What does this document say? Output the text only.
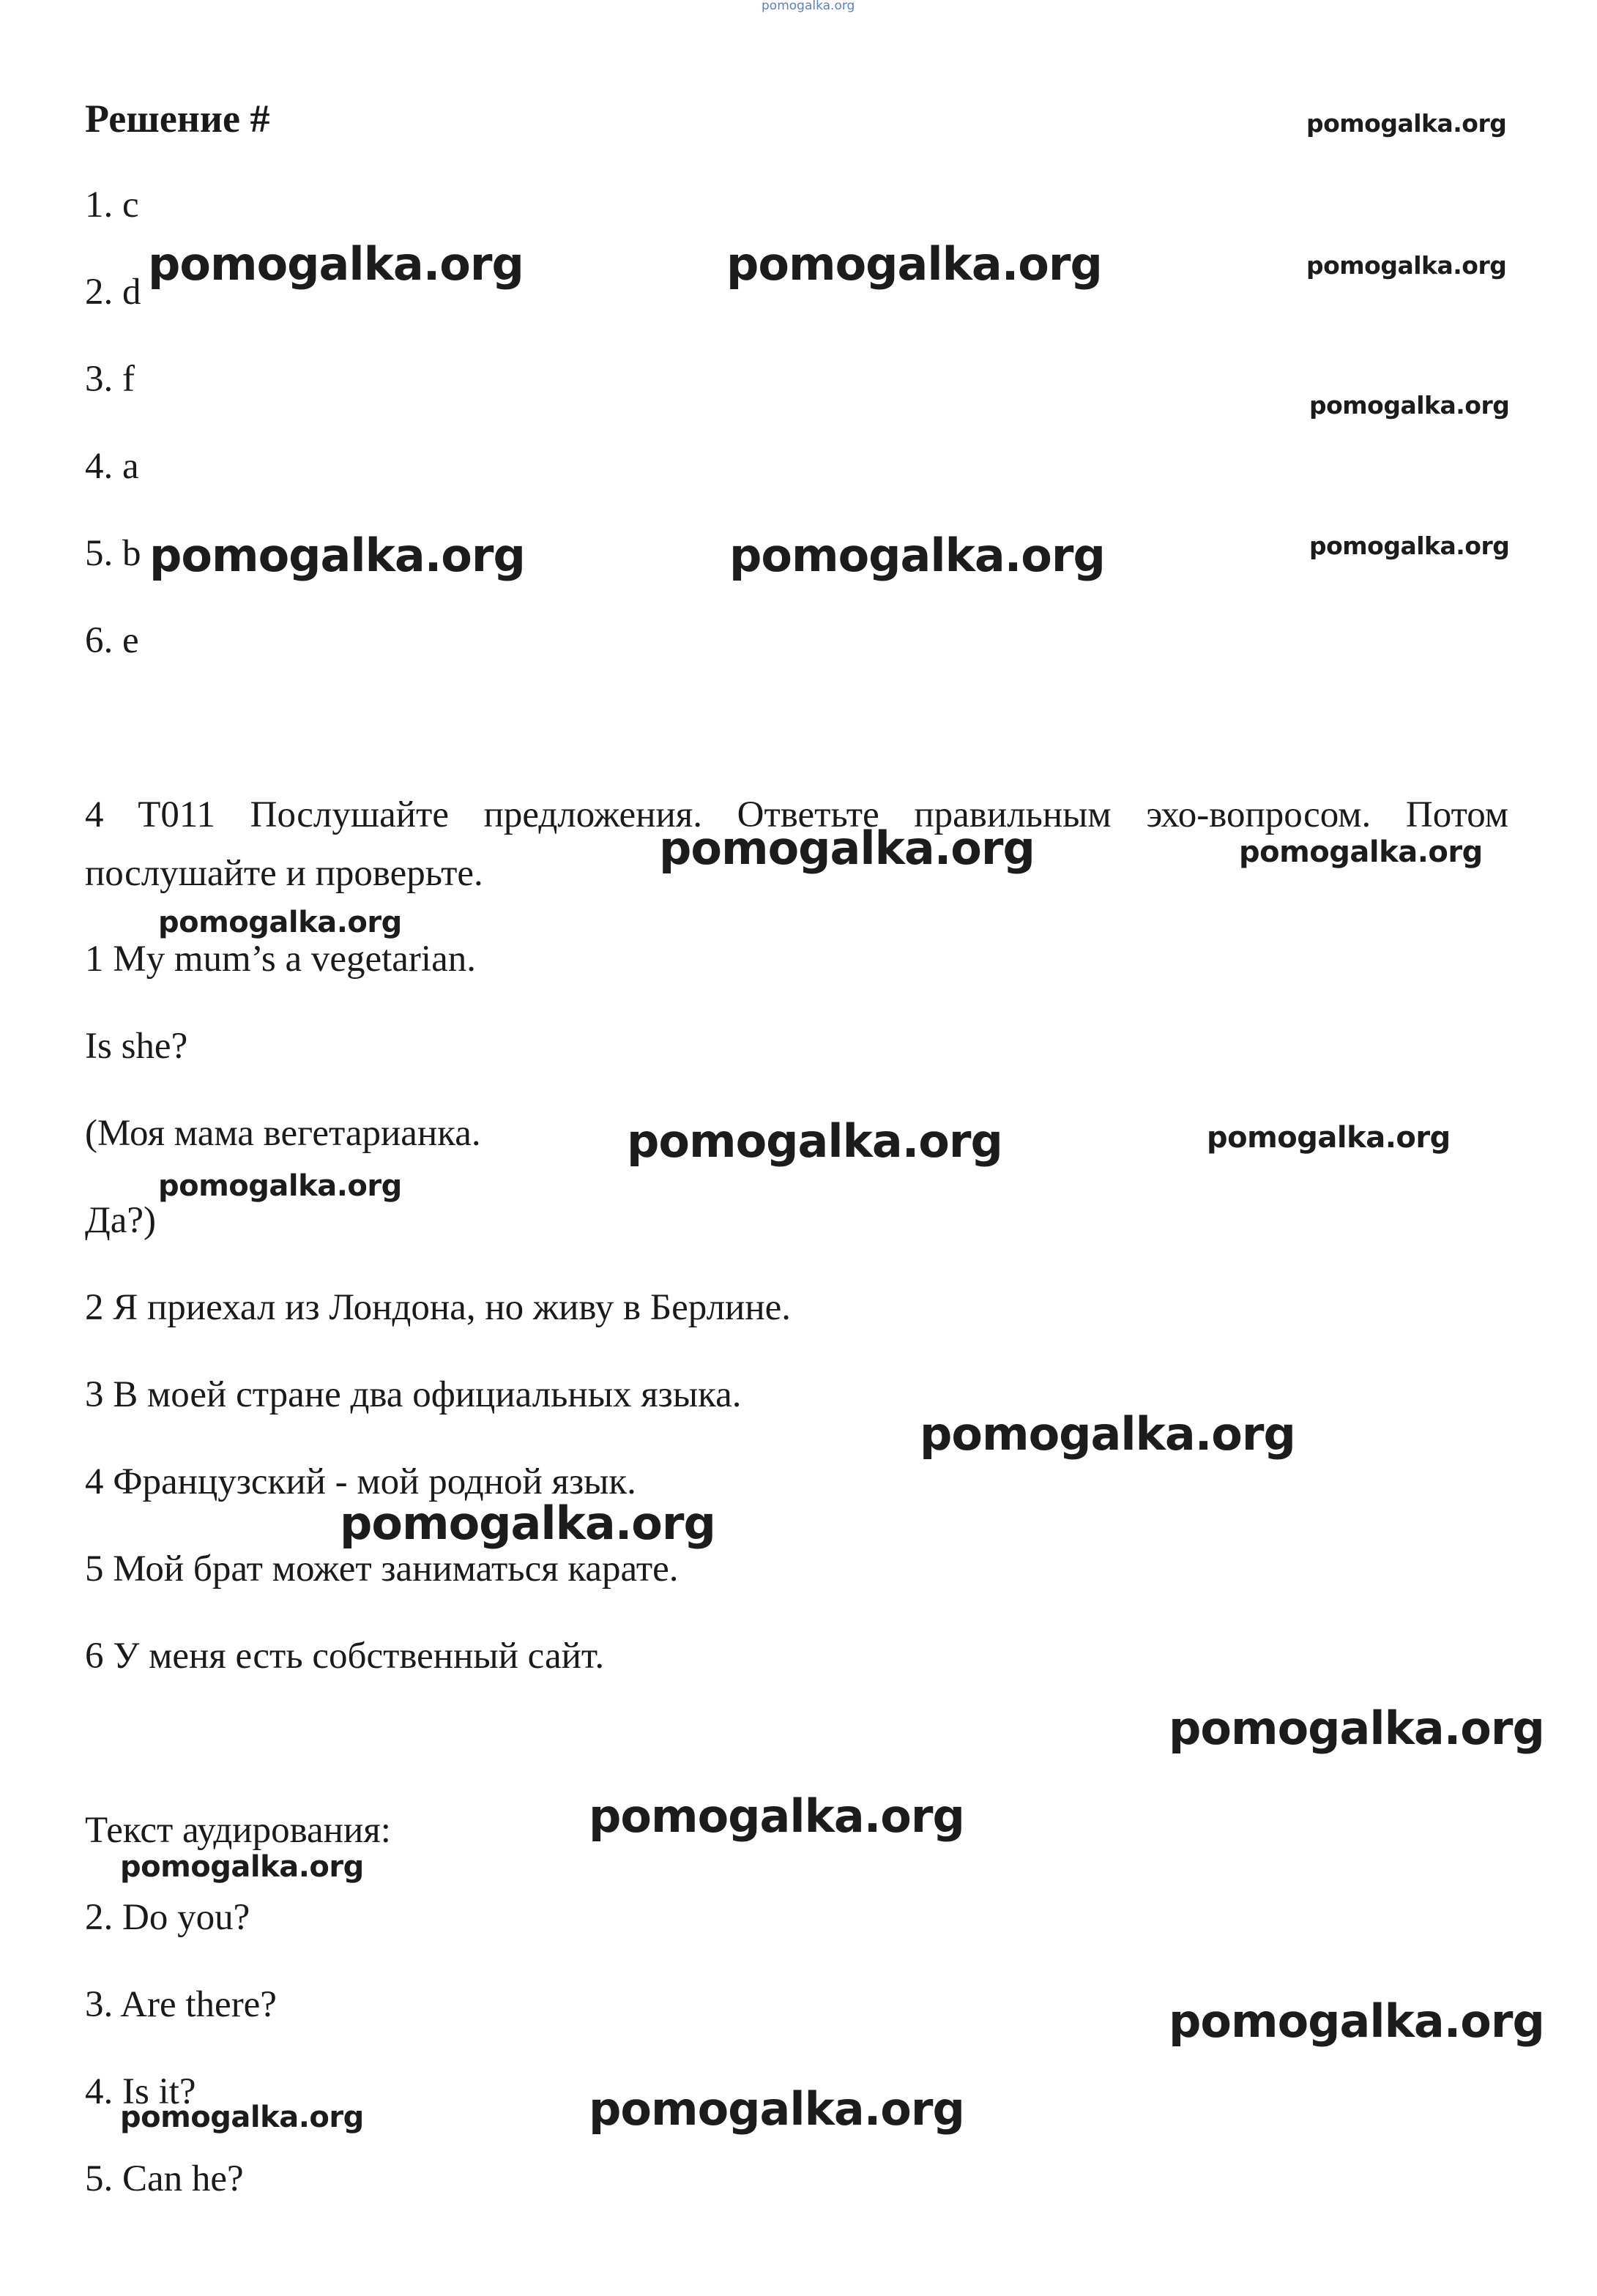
pomogalka.org

Решение #

1. c

2. d

3. f

4. a

5. b

6. e

4 T011 Послушайте предложения. Ответьте правильным эхо-вопросом. Потом послушайте и проверьте.

1 My mum’s a vegetarian.

Is she?

(Моя мама вегетарианка.

Да?)

2 Я приехал из Лондона, но живу в Берлине.

3 В моей стране два официальных языка.

4 Французский - мой родной язык.

5 Мой брат может заниматься карате.

6 У меня есть собственный сайт.

Текст аудирования:

2. Do you?

3. Are there?

4. Is it?

5. Can he?

pomogalka.org
pomogalka.org	pomogalka.org	pomogalka.org
pomogalka.org
pomogalka.org	pomogalka.org	pomogalka.org
pomogalka.org	pomogalka.org
pomogalka.org
pomogalka.org	pomogalka.org
pomogalka.org
pomogalka.org
pomogalka.org
pomogalka.org
pomogalka.org
pomogalka.org
pomogalka.org
pomogalka.org
pomogalka.org
